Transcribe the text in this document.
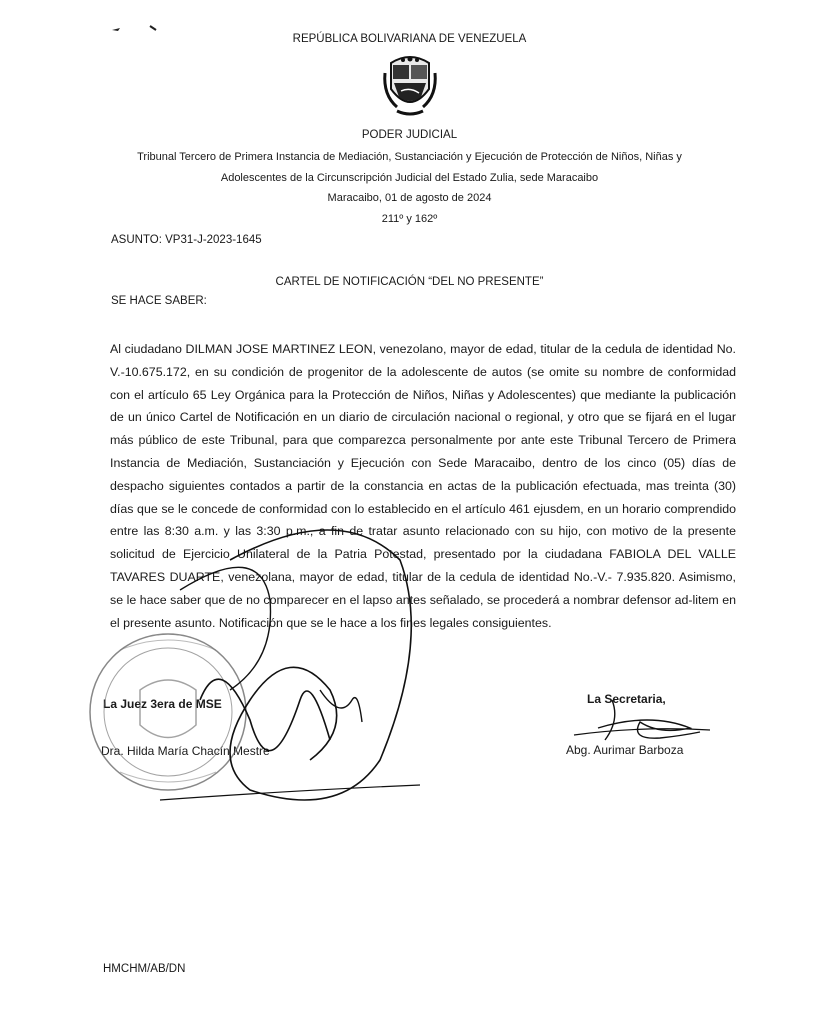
REPÚBLICA BOLIVARIANA DE VENEZUELA
PODER JUDICIAL
Tribunal Tercero de Primera Instancia de Mediación, Sustanciación y Ejecución de Protección de Niños, Niñas y
Adolescentes de la Circunscripción Judicial del Estado Zulia, sede Maracaibo
Maracaibo, 01 de agosto de 2024
211º y 162º
ASUNTO: VP31-J-2023-1645
CARTEL DE NOTIFICACIÓN “DEL NO PRESENTE”
SE HACE SABER:

Al ciudadano DILMAN JOSE MARTINEZ LEON, venezolano, mayor de edad, titular de la cedula de identidad No. V.-10.675.172, en su condición de progenitor de la adolescente de autos (se omite su nombre de conformidad con el artículo 65 Ley Orgánica para la Protección de Niños, Niñas y Adolescentes) que mediante la publicación de un único Cartel de Notificación en un diario de circulación nacional o regional, y otro que se fijará en el lugar más público de este Tribunal, para que comparezca personalmente por ante este Tribunal Tercero de Primera Instancia de Mediación, Sustanciación y Ejecución con Sede Maracaibo, dentro de los cinco (05) días de despacho siguientes contados a partir de la constancia en actas de la publicación efectuada, mas treinta (30) días que se le concede de conformidad con lo establecido en el artículo 461 ejusdem, en un horario comprendido entre las 8:30 a.m. y las 3:30 p.m., a fin de tratar asunto relacionado con su hijo, con motivo de la presente solicitud de Ejercicio Unilateral de la Patria Potestad, presentado por la ciudadana FABIOLA DEL VALLE TAVARES DUARTE, venezolana, mayor de edad, titular de la cedula de identidad No.-V.- 7.935.820. Asimismo, se le hace saber que de no comparecer en el lapso antes señalado, se procederá a nombrar defensor ad-litem en el presente asunto. Notificación que se le hace a los fines legales consiguientes.

La Juez 3era de MSE
Dra. Hilda María Chacín Mestre
La Secretaria,
Abg. Aurimar Barboza
HMCHM/AB/DN
